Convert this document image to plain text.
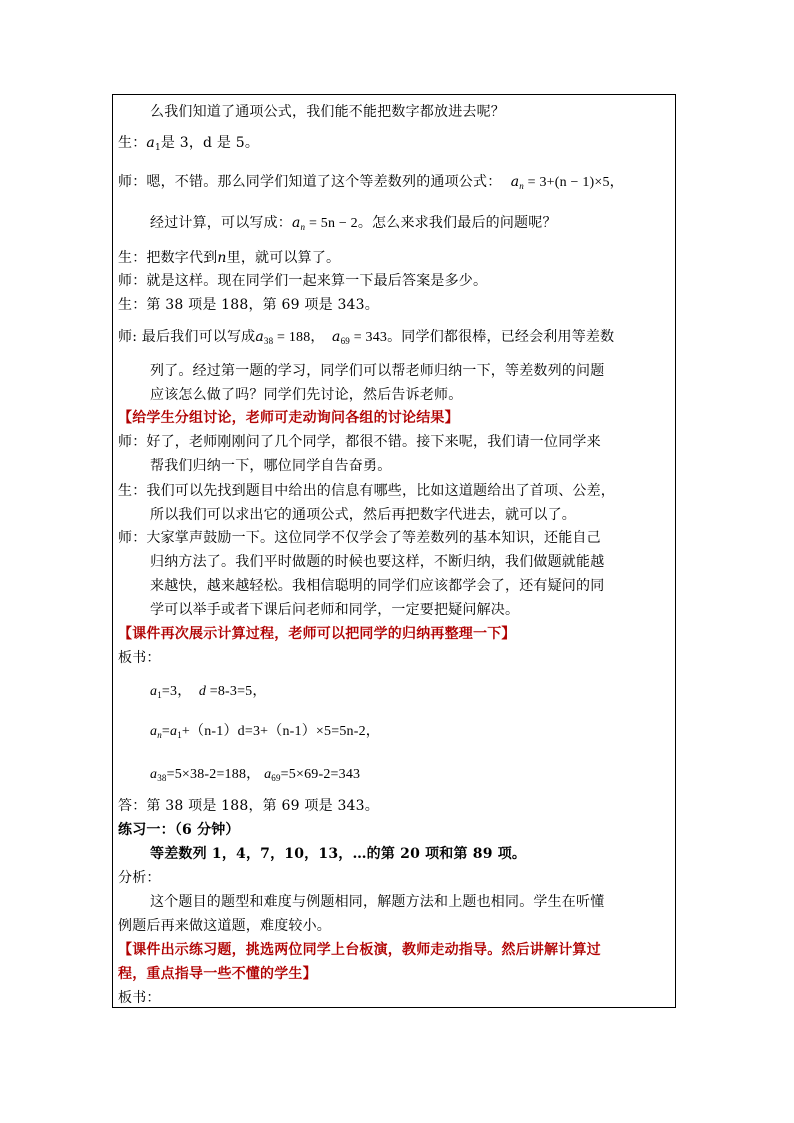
么我们知道了通项公式，我们能不能把数字都放进去呢？
生：$a_1$是 3，d 是 5。
师：嗯，不错。那么同学们知道了这个等差数列的通项公式： $a_n = 3+(n - 1)\times 5$，
经过计算，可以写成：$a_n = 5n - 2$。怎么来求我们最后的问题呢？
生：把数字代到n里，就可以算了。
师：就是这样。现在同学们一起来算一下最后答案是多少。
生：第 38 项是 188，第 69 项是 343。
师: 最后我们可以写成$a_{38} = 188$， $a_{69} = 343$。同学们都很棒，已经会利用等差数
列了。经过第一题的学习，同学们可以帮老师归纳一下，等差数列的问题
应该怎么做了吗？同学们先讨论，然后告诉老师。
【给学生分组讨论，老师可走动询问各组的讨论结果】
师：好了，老师刚刚问了几个同学，都很不错。接下来呢，我们请一位同学来
帮我们归纳一下，哪位同学自告奋勇。
生：我们可以先找到题目中给出的信息有哪些，比如这道题给出了首项、公差，
所以我们可以求出它的通项公式，然后再把数字代进去，就可以了。
师：大家掌声鼓励一下。这位同学不仅学会了等差数列的基本知识，还能自己
归纳方法了。我们平时做题的时候也要这样，不断归纳，我们做题就能越
来越快，越来越轻松。我相信聪明的同学们应该都学会了，还有疑问的同
学可以举手或者下课后问老师和同学，一定要把疑问解决。
【课件再次展示计算过程，老师可以把同学的归纳再整理一下】
板书：
$a_1=3$， d =8-3=5，
$a_n=a_1+(n-1)d=3+(n-1)\times 5=5n-2$，
$a_{38}=5\times 38-2=188$， $a_{69}=5\times 69-2=343$
答：第 38 项是 188，第 69 项是 343。
练习一：（6 分钟）
等差数列 1，4，7，10，13，…的第 20 项和第 89 项。
分析：
这个题目的题型和难度与例题相同，解题方法和上题也相同。学生在听懂
例题后再来做这道题，难度较小。
【课件出示练习题，挑选两位同学上台板演，教师走动指导。然后讲解计算过
程，重点指导一些不懂的学生】
板书：
